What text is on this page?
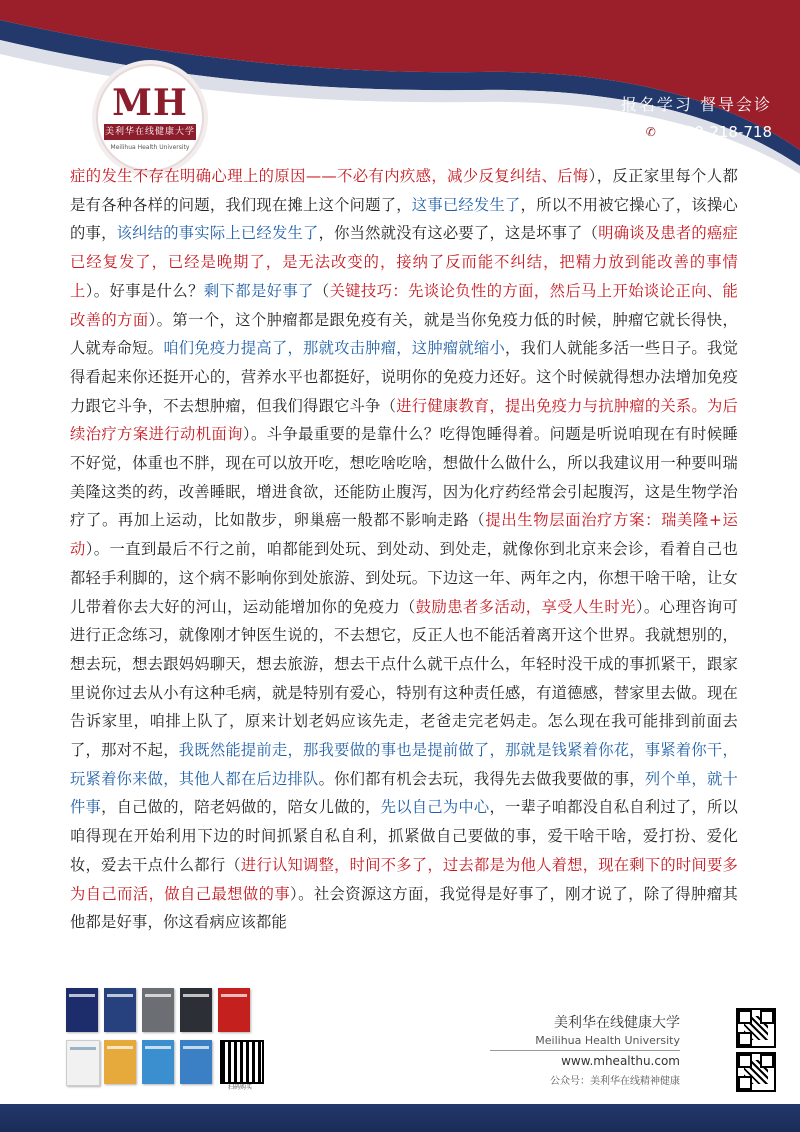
MH
美利华在线健康大学
Meilihua Health University
报名学习 督导会诊
✆ 4000-218-718
症的发生不存在明确心理上的原因——不必有内疚感，减少反复纠结、后悔），反正家里每个人都是有各种各样的问题，我们现在摊上这个问题了，这事已经发生了，所以不用被它操心了，该操心的事，该纠结的事实际上已经发生了，你当然就没有这必要了，这是坏事了（明确谈及患者的癌症已经复发了，已经是晚期了，是无法改变的，接纳了反而能不纠结，把精力放到能改善的事情上）。好事是什么？剩下都是好事了（关键技巧：先谈论负性的方面，然后马上开始谈论正向、能改善的方面）。第一个，这个肿瘤都是跟免疫有关，就是当你免疫力低的时候，肿瘤它就长得快，人就寿命短。咱们免疫力提高了，那就攻击肿瘤，这肿瘤就缩小，我们人就能多活一些日子。我觉得看起来你还挺开心的，营养水平也都挺好，说明你的免疫力还好。这个时候就得想办法增加免疫力跟它斗争，不去想肿瘤，但我们得跟它斗争（进行健康教育，提出免疫力与抗肿瘤的关系。为后续治疗方案进行动机面询）。斗争最重要的是靠什么？吃得饱睡得着。问题是听说咱现在有时候睡不好觉，体重也不胖，现在可以放开吃，想吃啥吃啥，想做什么做什么，所以我建议用一种要叫瑞美隆这类的药，改善睡眠，增进食欲，还能防止腹泻，因为化疗药经常会引起腹泻，这是生物学治疗了。再加上运动，比如散步，卵巢癌一般都不影响走路（提出生物层面治疗方案：瑞美隆+运动）。一直到最后不行之前，咱都能到处玩、到处动、到处走，就像你到北京来会诊，看着自己也都轻手利脚的，这个病不影响你到处旅游、到处玩。下边这一年、两年之内，你想干啥干啥，让女儿带着你去大好的河山，运动能增加你的免疫力（鼓励患者多活动，享受人生时光）。心理咨询可进行正念练习，就像刚才钟医生说的，不去想它，反正人也不能活着离开这个世界。我就想别的，想去玩，想去跟妈妈聊天，想去旅游，想去干点什么就干点什么，年轻时没干成的事抓紧干，跟家里说你过去从小有这种毛病，就是特别有爱心，特别有这种责任感，有道德感，替家里去做。现在告诉家里，咱排上队了，原来计划老妈应该先走，老爸走完老妈走。怎么现在我可能排到前面去了，那对不起，我既然能提前走，那我要做的事也是提前做了，那就是钱紧着你花，事紧着你干，玩紧着你来做，其他人都在后边排队。你们都有机会去玩，我得先去做我要做的事，列个单，就十件事，自己做的，陪老妈做的，陪女儿做的，先以自己为中心，一辈子咱都没自私自利过了，所以咱得现在开始利用下边的时间抓紧自私自利，抓紧做自己要做的事，爱干啥干啥，爱打扮、爱化妆，爱去干点什么都行（进行认知调整，时间不多了，过去都是为他人着想，现在剩下的时间要多为自己而活，做自己最想做的事）。社会资源这方面，我觉得是好事了，刚才说了，除了得肿瘤其他都是好事，你这看病应该都能
扫码购买
美利华在线健康大学
Meilihua Health University
www.mhealthu.com
公众号：美利华在线精神健康
